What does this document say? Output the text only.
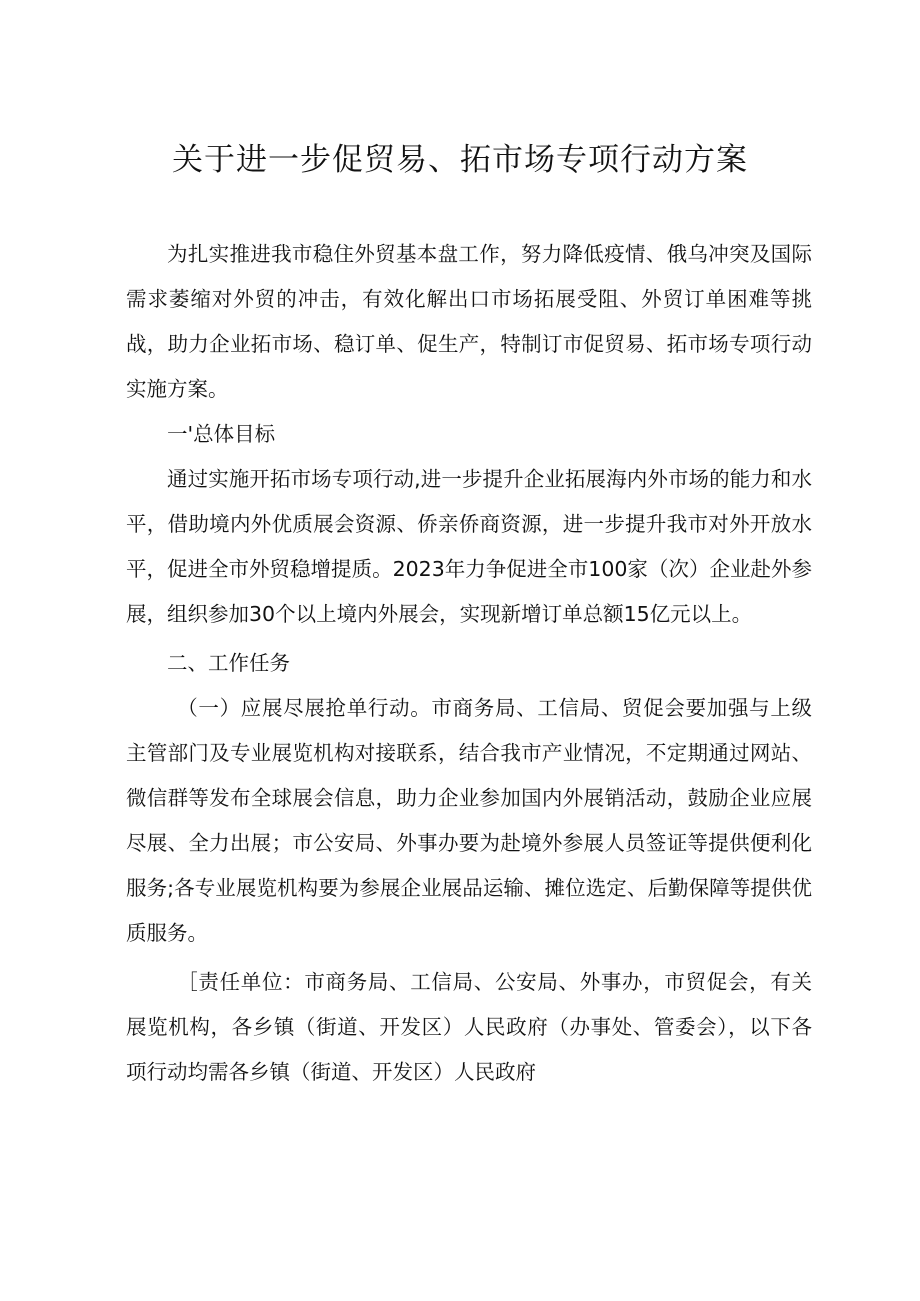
关于进一步促贸易、拓市场专项行动方案

为扎实推进我市稳住外贸基本盘工作，努力降低疫情、俄乌冲突及国际需求萎缩对外贸的冲击，有效化解出口市场拓展受阻、外贸订单困难等挑战，助力企业拓市场、稳订单、促生产，特制订市促贸易、拓市场专项行动实施方案。

一'总体目标

通过实施开拓市场专项行动,进一步提升企业拓展海内外市场的能力和水平，借助境内外优质展会资源、侨亲侨商资源，进一步提升我市对外开放水平，促进全市外贸稳增提质。2023年力争促进全市100家（次）企业赴外参展，组织参加30个以上境内外展会，实现新增订单总额15亿元以上。

二、工作任务

（一）应展尽展抢单行动。市商务局、工信局、贸促会要加强与上级主管部门及专业展览机构对接联系，结合我市产业情况，不定期通过网站、微信群等发布全球展会信息，助力企业参加国内外展销活动，鼓励企业应展尽展、全力出展；市公安局、外事办要为赴境外参展人员签证等提供便利化服务;各专业展览机构要为参展企业展品运输、摊位选定、后勤保障等提供优质服务。

［责任单位：市商务局、工信局、公安局、外事办，市贸促会，有关展览机构，各乡镇（街道、开发区）人民政府（办事处、管委会），以下各项行动均需各乡镇（街道、开发区）人民政府
